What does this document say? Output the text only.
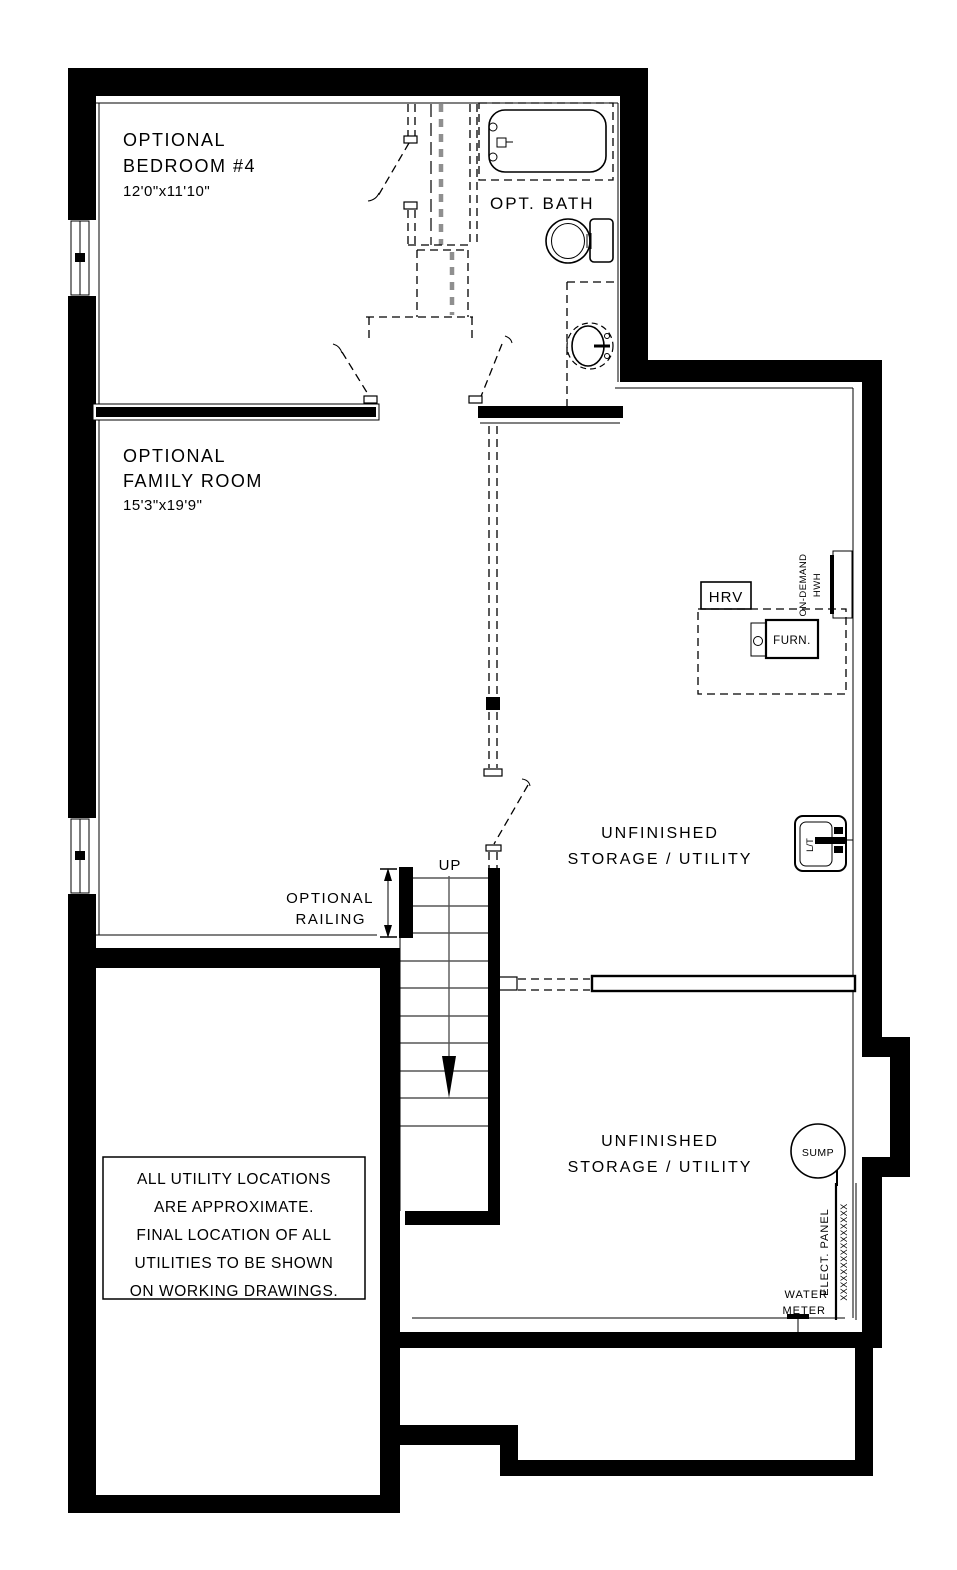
OPTIONAL
BEDROOM #4
12'0"x11'10"
OPT. BATH
OPTIONAL
FAMILY ROOM
15'3"x19'9"
HRV	ON-DEMAND HWH
FURN.
UNFINISHED
STORAGE / UTILITY
L/T
UP
OPTIONAL
RAILING
UNFINISHED
STORAGE / UTILITY
SUMP
ELECT. PANEL XXXXXXXXXXXXXXX
WATER
METER
ALL UTILITY LOCATIONS
ARE APPROXIMATE.
FINAL LOCATION OF ALL
UTILITIES TO BE SHOWN
ON WORKING DRAWINGS.
